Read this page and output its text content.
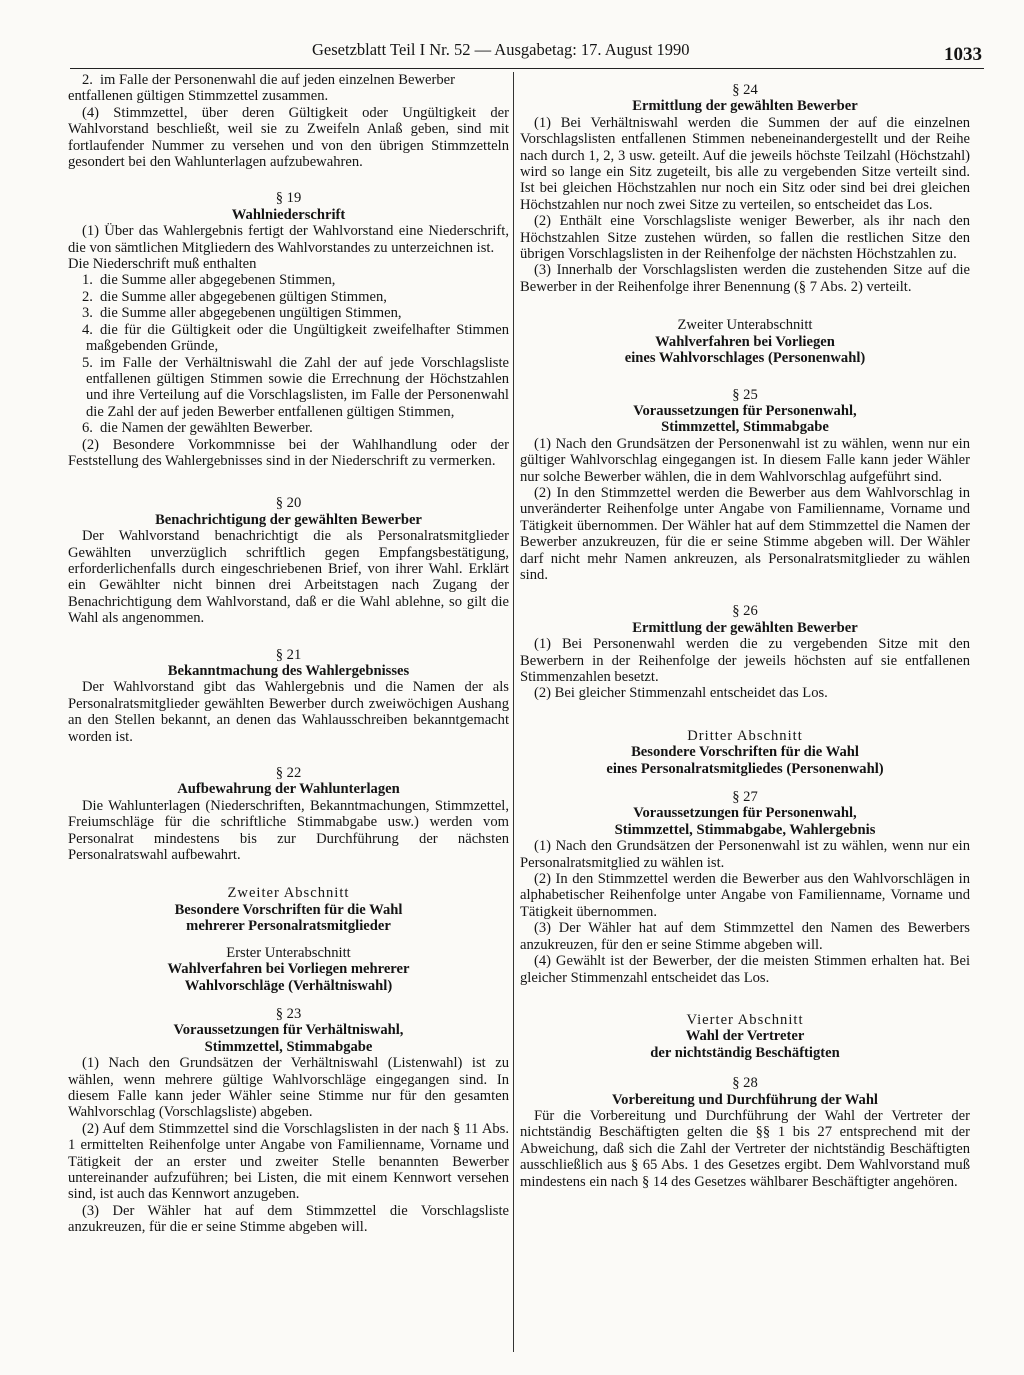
Gesetzblatt Teil I Nr. 52 — Ausgabetag: 17. August 1990	1033

2. im Falle der Personenwahl die auf jeden einzelnen Bewerber

entfallenen gültigen Stimmzettel zusammen.

(4) Stimmzettel, über deren Gültigkeit oder Ungültigkeit der Wahlvorstand beschließt, weil sie zu Zweifeln Anlaß geben, sind mit fortlaufender Nummer zu versehen und von den übrigen Stimmzetteln gesondert bei den Wahlunterlagen aufzubewahren.

§ 19
Wahlniederschrift

(1) Über das Wahlergebnis fertigt der Wahlvorstand eine Niederschrift, die von sämtlichen Mitgliedern des Wahlvorstandes zu unterzeichnen ist.

Die Niederschrift muß enthalten

1. die Summe aller abgegebenen Stimmen,

2. die Summe aller abgegebenen gültigen Stimmen,

3. die Summe aller abgegebenen ungültigen Stimmen,

4. die für die Gültigkeit oder die Ungültigkeit zweifelhafter Stimmen maßgebenden Gründe,

5. im Falle der Verhältniswahl die Zahl der auf jede Vorschlagsliste entfallenen gültigen Stimmen sowie die Errechnung der Höchstzahlen und ihre Verteilung auf die Vorschlagslisten, im Falle der Personenwahl die Zahl der auf jeden Bewerber entfallenen gültigen Stimmen,

6. die Namen der gewählten Bewerber.

(2) Besondere Vorkommnisse bei der Wahlhandlung oder der Feststellung des Wahlergebnisses sind in der Niederschrift zu vermerken.

§ 20
Benachrichtigung der gewählten Bewerber

Der Wahlvorstand benachrichtigt die als Personalratsmitglieder Gewählten unverzüglich schriftlich gegen Empfangsbestätigung, erforderlichenfalls durch eingeschriebenen Brief, von ihrer Wahl. Erklärt ein Gewählter nicht binnen drei Arbeitstagen nach Zugang der Benachrichtigung dem Wahlvorstand, daß er die Wahl ablehne, so gilt die Wahl als angenommen.

§ 21
Bekanntmachung des Wahlergebnisses

Der Wahlvorstand gibt das Wahlergebnis und die Namen der als Personalratsmitglieder gewählten Bewerber durch zweiwöchigen Aushang an den Stellen bekannt, an denen das Wahlausschreiben bekanntgemacht worden ist.

§ 22
Aufbewahrung der Wahlunterlagen

Die Wahlunterlagen (Niederschriften, Bekanntmachungen, Stimmzettel, Freiumschläge für die schriftliche Stimmabgabe usw.) werden vom Personalrat mindestens bis zur Durchführung der nächsten Personalratswahl aufbewahrt.

Zweiter Abschnitt
Besondere Vorschriften für die Wahl
mehrerer Personalratsmitglieder
Erster Unterabschnitt
Wahlverfahren bei Vorliegen mehrerer
Wahlvorschläge (Verhältniswahl)
§ 23
Voraussetzungen für Verhältniswahl,
Stimmzettel, Stimmabgabe

(1) Nach den Grundsätzen der Verhältniswahl (Listenwahl) ist zu wählen, wenn mehrere gültige Wahlvorschläge eingegangen sind. In diesem Falle kann jeder Wähler seine Stimme nur für den gesamten Wahlvorschlag (Vorschlagsliste) abgeben.

(2) Auf dem Stimmzettel sind die Vorschlagslisten in der nach § 11 Abs. 1 ermittelten Reihenfolge unter Angabe von Familienname, Vorname und Tätigkeit der an erster und zweiter Stelle benannten Bewerber untereinander aufzuführen; bei Listen, die mit einem Kennwort versehen sind, ist auch das Kennwort anzugeben.

(3) Der Wähler hat auf dem Stimmzettel die Vorschlagsliste anzukreuzen, für die er seine Stimme abgeben will.

§ 24
Ermittlung der gewählten Bewerber

(1) Bei Verhältniswahl werden die Summen der auf die einzelnen Vorschlagslisten entfallenen Stimmen nebeneinandergestellt und der Reihe nach durch 1, 2, 3 usw. geteilt. Auf die jeweils höchste Teilzahl (Höchstzahl) wird so lange ein Sitz zugeteilt, bis alle zu vergebenden Sitze verteilt sind. Ist bei gleichen Höchstzahlen nur noch ein Sitz oder sind bei drei gleichen Höchstzahlen nur noch zwei Sitze zu verteilen, so entscheidet das Los.

(2) Enthält eine Vorschlagsliste weniger Bewerber, als ihr nach den Höchstzahlen Sitze zustehen würden, so fallen die restlichen Sitze den übrigen Vorschlagslisten in der Reihenfolge der nächsten Höchstzahlen zu.

(3) Innerhalb der Vorschlagslisten werden die zustehenden Sitze auf die Bewerber in der Reihenfolge ihrer Benennung (§ 7 Abs. 2) verteilt.

Zweiter Unterabschnitt
Wahlverfahren bei Vorliegen
eines Wahlvorschlages (Personenwahl)
§ 25
Voraussetzungen für Personenwahl,
Stimmzettel, Stimmabgabe

(1) Nach den Grundsätzen der Personenwahl ist zu wählen, wenn nur ein gültiger Wahlvorschlag eingegangen ist. In diesem Falle kann jeder Wähler nur solche Bewerber wählen, die in dem Wahlvorschlag aufgeführt sind.

(2) In den Stimmzettel werden die Bewerber aus dem Wahlvorschlag in unveränderter Reihenfolge unter Angabe von Familienname, Vorname und Tätigkeit übernommen. Der Wähler hat auf dem Stimmzettel die Namen der Bewerber anzukreuzen, für die er seine Stimme abgeben will. Der Wähler darf nicht mehr Namen ankreuzen, als Personalratsmitglieder zu wählen sind.

§ 26
Ermittlung der gewählten Bewerber

(1) Bei Personenwahl werden die zu vergebenden Sitze mit den Bewerbern in der Reihenfolge der jeweils höchsten auf sie entfallenen Stimmenzahlen besetzt.

(2) Bei gleicher Stimmenzahl entscheidet das Los.

Dritter Abschnitt
Besondere Vorschriften für die Wahl
eines Personalratsmitgliedes (Personenwahl)
§ 27
Voraussetzungen für Personenwahl,
Stimmzettel, Stimmabgabe, Wahlergebnis

(1) Nach den Grundsätzen der Personenwahl ist zu wählen, wenn nur ein Personalratsmitglied zu wählen ist.

(2) In den Stimmzettel werden die Bewerber aus den Wahlvorschlägen in alphabetischer Reihenfolge unter Angabe von Familienname, Vorname und Tätigkeit übernommen.

(3) Der Wähler hat auf dem Stimmzettel den Namen des Bewerbers anzukreuzen, für den er seine Stimme abgeben will.

(4) Gewählt ist der Bewerber, der die meisten Stimmen erhalten hat. Bei gleicher Stimmenzahl entscheidet das Los.

Vierter Abschnitt
Wahl der Vertreter
der nichtständig Beschäftigten
§ 28
Vorbereitung und Durchführung der Wahl

Für die Vorbereitung und Durchführung der Wahl der Vertreter der nichtständig Beschäftigten gelten die §§ 1 bis 27 entsprechend mit der Abweichung, daß sich die Zahl der Vertreter der nichtständig Beschäftigten ausschließlich aus § 65 Abs. 1 des Gesetzes ergibt. Dem Wahlvorstand muß mindestens ein nach § 14 des Gesetzes wählbarer Beschäftigter angehören.
